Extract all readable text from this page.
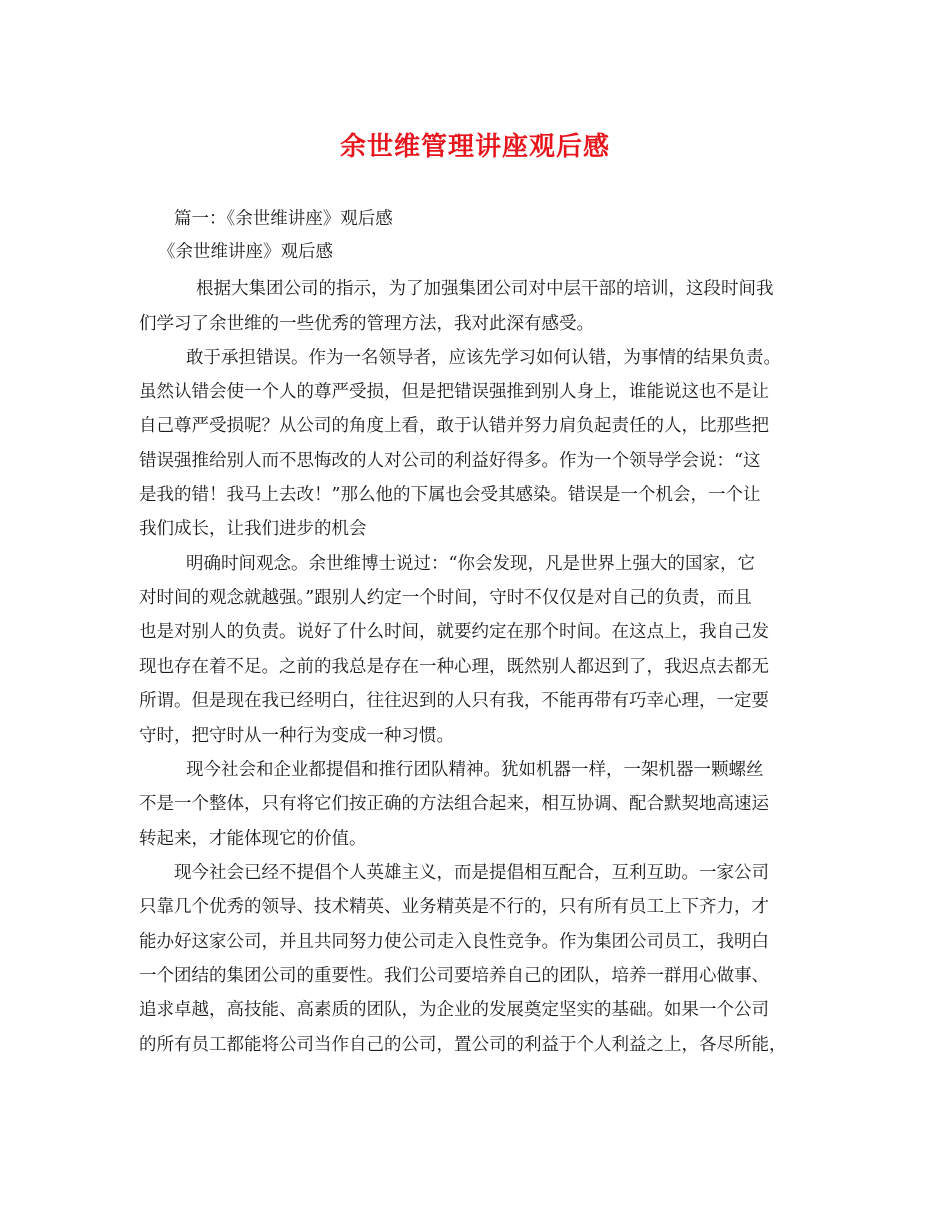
余世维管理讲座观后感
篇一：《余世维讲座》观后感
《余世维讲座》观后感
根据大集团公司的指示，为了加强集团公司对中层干部的培训，这段时间我
们学习了余世维的一些优秀的管理方法，我对此深有感受。
敢于承担错误。作为一名领导者，应该先学习如何认错，为事情的结果负责。
虽然认错会使一个人的尊严受损，但是把错误强推到别人身上，谁能说这也不是让
自己尊严受损呢？从公司的角度上看，敢于认错并努力肩负起责任的人，比那些把
错误强推给别人而不思悔改的人对公司的利益好得多。作为一个领导学会说：“这
是我的错！我马上去改！”那么他的下属也会受其感染。错误是一个机会，一个让
我们成长，让我们进步的机会
明确时间观念。余世维博士说过：“你会发现，凡是世界上强大的国家，它
对时间的观念就越强。”跟别人约定一个时间，守时不仅仅是对自己的负责，而且
也是对别人的负责。说好了什么时间，就要约定在那个时间。在这点上，我自己发
现也存在着不足。之前的我总是存在一种心理，既然别人都迟到了，我迟点去都无
所谓。但是现在我已经明白，往往迟到的人只有我，不能再带有巧幸心理，一定要
守时，把守时从一种行为变成一种习惯。
现今社会和企业都提倡和推行团队精神。犹如机器一样，一架机器一颗螺丝
不是一个整体，只有将它们按正确的方法组合起来，相互协调、配合默契地高速运
转起来，才能体现它的价值。
现今社会已经不提倡个人英雄主义，而是提倡相互配合，互利互助。一家公司
只靠几个优秀的领导、技术精英、业务精英是不行的，只有所有员工上下齐力，才
能办好这家公司，并且共同努力使公司走入良性竞争。作为集团公司员工，我明白
一个团结的集团公司的重要性。我们公司要培养自己的团队，培养一群用心做事、
追求卓越，高技能、高素质的团队，为企业的发展奠定坚实的基础。如果一个公司
的所有员工都能将公司当作自己的公司，置公司的利益于个人利益之上，各尽所能，
